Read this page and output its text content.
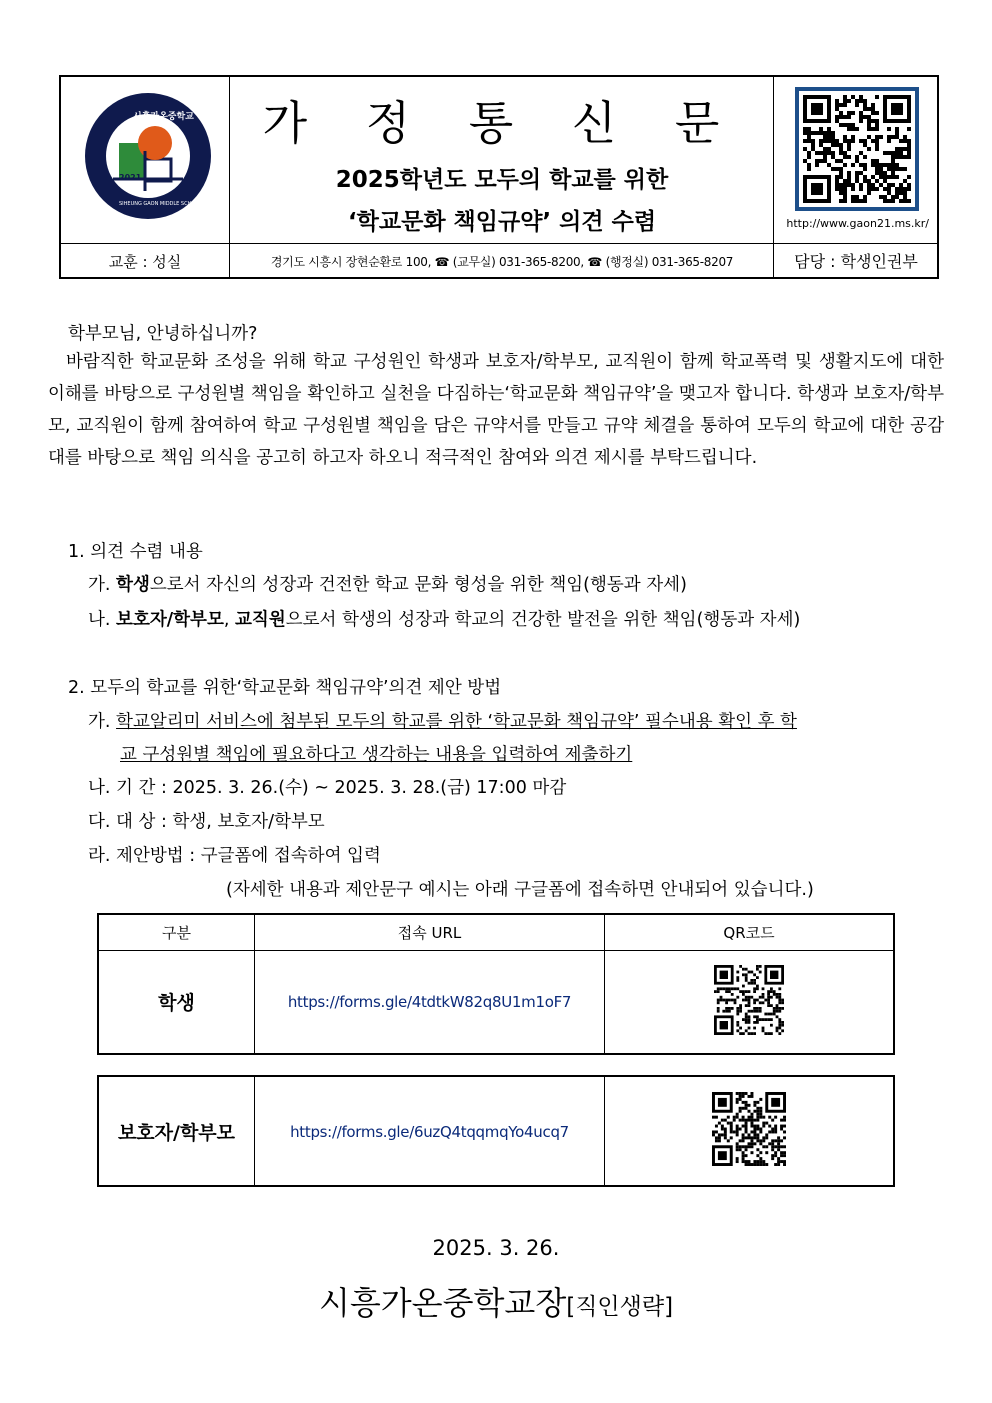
시흥가온중학교
SIHEUNG GAON MIDDLE SCHOOL
2021
가 정 통 신 문
2025학년도 모두의 학교를 위한
‘학교문화 책임규약’ 의견 수렴	http://www.gaon21.ms.kr/
교훈 : 성실	경기도 시흥시 장현순환로 100, ☎ (교무실) 031-365-8200, ☎ (행정실) 031-365-8207	담당 : 학생인권부
학부모님, 안녕하십니까?
바람직한 학교문화 조성을 위해 학교 구성원인 학생과 보호자/학부모, 교직원이 함께 학교폭력 및 생활지도에 대한 이해를 바탕으로 구성원별 책임을 확인하고 실천을 다짐하는‘학교문화 책임규약’을 맺고자 합니다. 학생과 보호자/학부모, 교직원이 함께 참여하여 학교 구성원별 책임을 담은 규약서를 만들고 규약 체결을 통하여 모두의 학교에 대한 공감대를 바탕으로 책임 의식을 공고히 하고자 하오니 적극적인 참여와 의견 제시를 부탁드립니다.
1. 의견 수렴 내용
가. 학생으로서 자신의 성장과 건전한 학교 문화 형성을 위한 책임(행동과 자세)
나. 보호자/학부모, 교직원으로서 학생의 성장과 학교의 건강한 발전을 위한 책임(행동과 자세)
2. 모두의 학교를 위한‘학교문화 책임규약’의견 제안 방법
가. 학교알리미 서비스에 첨부된 모두의 학교를 위한 ‘학교문화 책임규약’ 필수내용 확인 후 학
교 구성원별 책임에 필요하다고 생각하는 내용을 입력하여 제출하기
나. 기 간 : 2025. 3. 26.(수) ~ 2025. 3. 28.(금) 17:00 마감
다. 대 상 : 학생, 보호자/학부모
라. 제안방법 : 구글폼에 접속하여 입력
(자세한 내용과 제안문구 예시는 아래 구글폼에 접속하면 안내되어 있습니다.)
구분	접속 URL	QR코드
학생	https://forms.gle/4tdtkW82q8U1m1oF7	
보호자/학부모	https://forms.gle/6uzQ4tqqmqYo4ucq7	
2025. 3. 26.
시흥가온중학교장[직인생략]
